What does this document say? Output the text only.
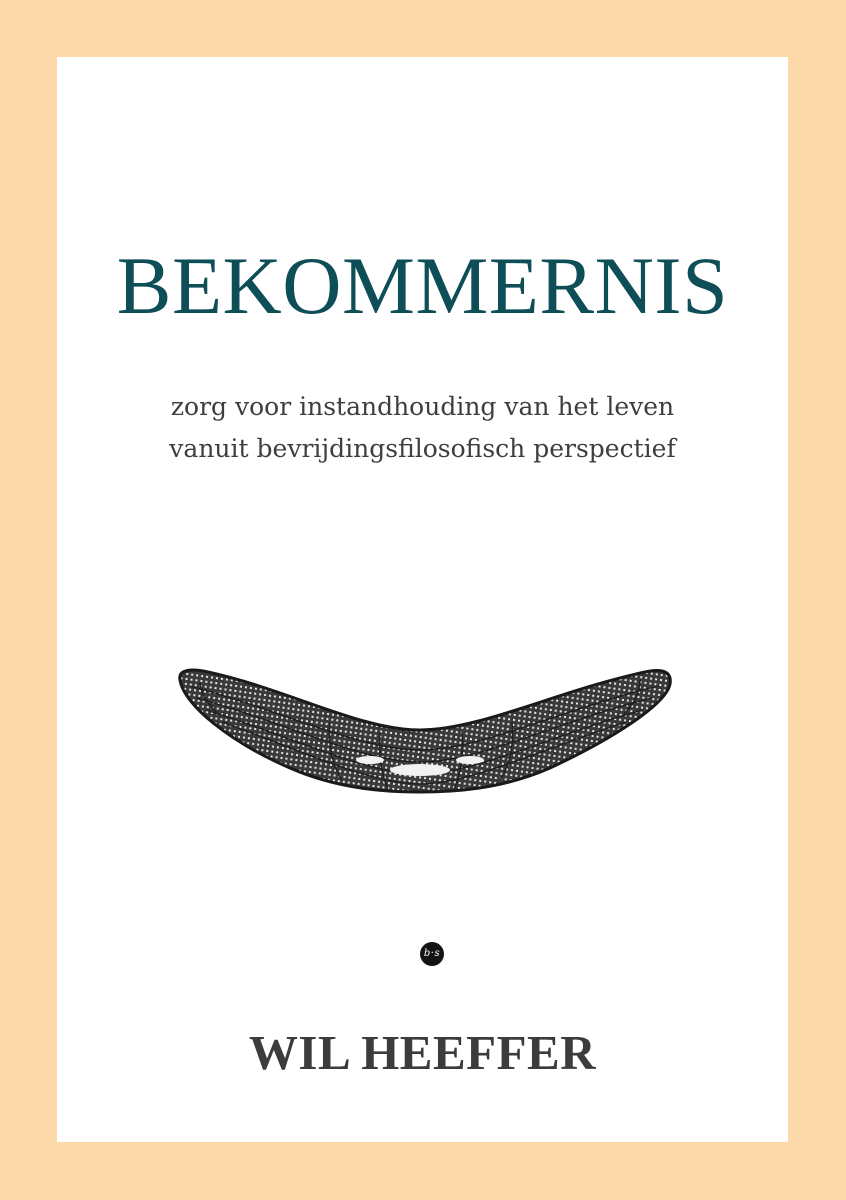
BEKOMMERNIS
zorg voor instandhouding van het leven
vanuit bevrijdingsfilosofisch perspectief
b·s
WIL HEEFFER
